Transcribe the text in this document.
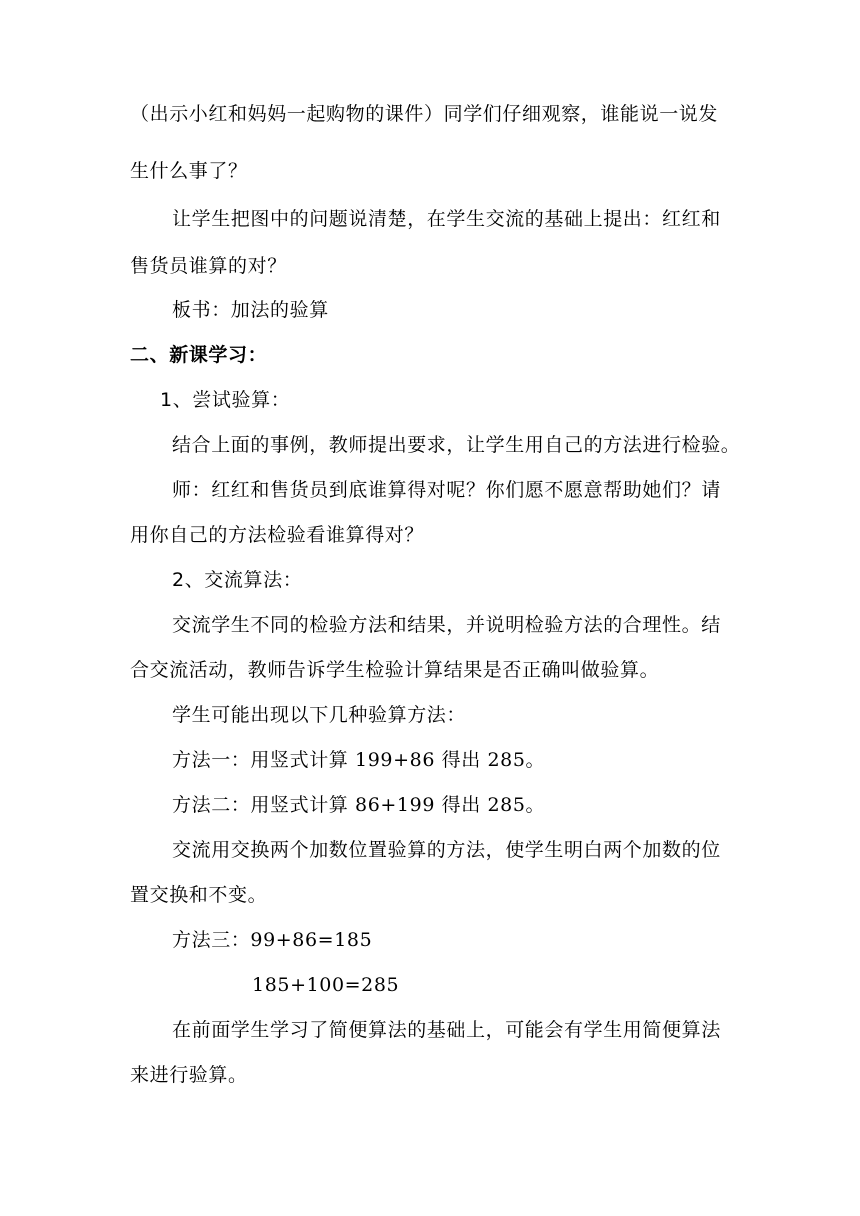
（出示小红和妈妈一起购物的课件）同学们仔细观察，谁能说一说发
生什么事了？
让学生把图中的问题说清楚，在学生交流的基础上提出：红红和
售货员谁算的对？
板书：加法的验算
二、新课学习：
1、尝试验算：
结合上面的事例，教师提出要求，让学生用自己的方法进行检验。
师：红红和售货员到底谁算得对呢？你们愿不愿意帮助她们？请
用你自己的方法检验看谁算得对？
2、交流算法：
交流学生不同的检验方法和结果，并说明检验方法的合理性。结
合交流活动，教师告诉学生检验计算结果是否正确叫做验算。
学生可能出现以下几种验算方法：
方法一：用竖式计算 199+86 得出 285。
方法二：用竖式计算 86+199 得出 285。
交流用交换两个加数位置验算的方法，使学生明白两个加数的位
置交换和不变。
方法三：99+86=185
185+100=285
在前面学生学习了简便算法的基础上，可能会有学生用简便算法
来进行验算。
